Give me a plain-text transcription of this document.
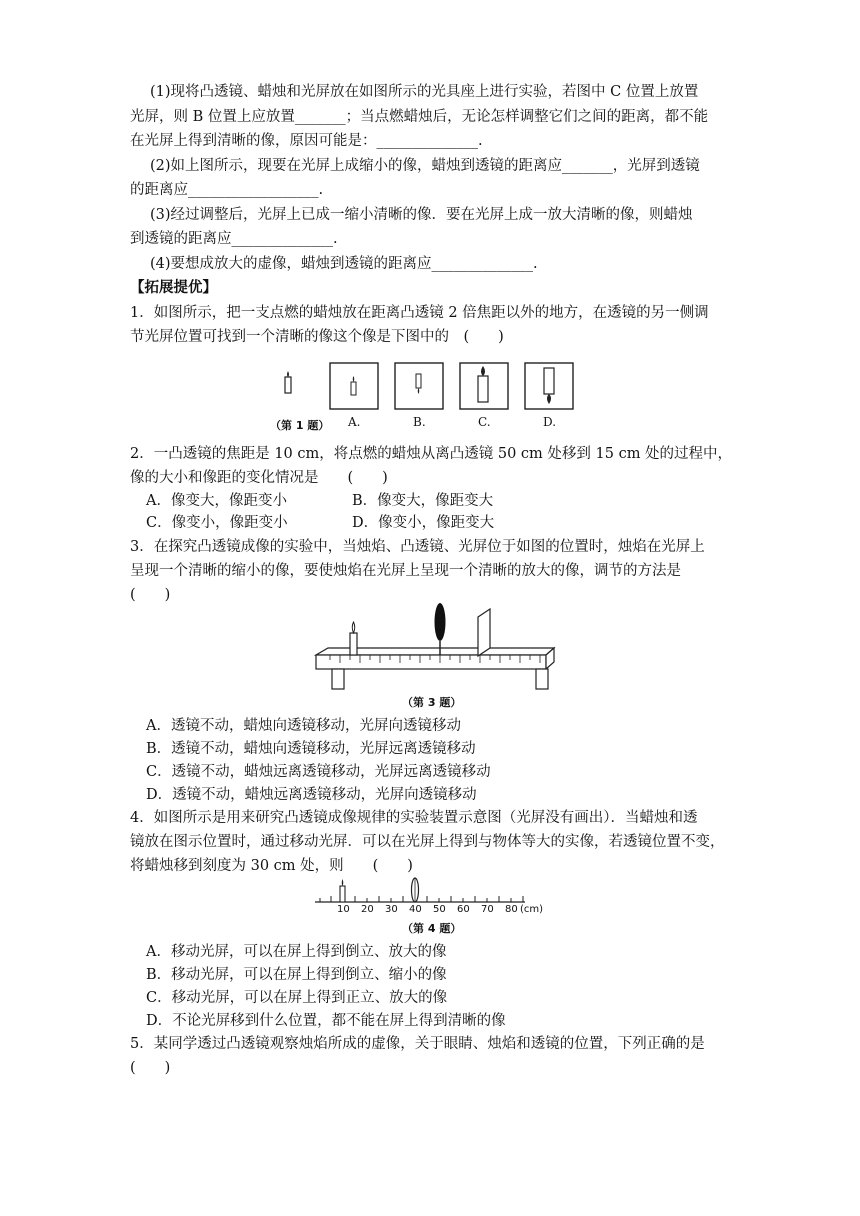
(1)现将凸透镜、蜡烛和光屏放在如图所示的光具座上进行实验，若图中 C 位置上放置
光屏，则 B 位置上应放置_______；当点燃蜡烛后，无论怎样调整它们之间的距离，都不能
在光屏上得到清晰的像，原因可能是：______________.
(2)如上图所示，现要在光屏上成缩小的像，蜡烛到透镜的距离应_______，光屏到透镜
的距离应__________________.
(3)经过调整后，光屏上已成一缩小清晰的像．要在光屏上成一放大清晰的像，则蜡烛
到透镜的距离应______________.
(4)要想成放大的虚像，蜡烛到透镜的距离应______________.
【拓展提优】
1．如图所示，把一支点燃的蜡烛放在距离凸透镜 2 倍焦距以外的地方，在透镜的另一侧调
节光屏位置可找到一个清晰的像这个像是下图中的　(　　)
（第 1 题） A.	B.	C.	D.
2．一凸透镜的焦距是 10 cm，将点燃的蜡烛从离凸透镜 50 cm 处移到 15 cm 处的过程中，
像的大小和像距的变化情况是　　(　　)
A．像变大，像距变小	B．像变大，像距变大
C．像变小，像距变小	D．像变小，像距变大
3．在探究凸透镜成像的实验中，当烛焰、凸透镜、光屏位于如图的位置时，烛焰在光屏上
呈现一个清晰的缩小的像，要使烛焰在光屏上呈现一个清晰的放大的像，调节的方法是
(　　)
（第 3 题）
A．透镜不动，蜡烛向透镜移动，光屏向透镜移动
B．透镜不动，蜡烛向透镜移动，光屏远离透镜移动
C．透镜不动，蜡烛远离透镜移动，光屏远离透镜移动
D．透镜不动，蜡烛远离透镜移动，光屏向透镜移动
4．如图所示是用来研究凸透镜成像规律的实验装置示意图（光屏没有画出）．当蜡烛和透
镜放在图示位置时，通过移动光屏．可以在光屏上得到与物体等大的实像，若透镜位置不变，
将蜡烛移到刻度为 30 cm 处，则　　(　　)
10 20 30 40 50 60 70 80 (cm)
（第 4 题）
A．移动光屏，可以在屏上得到倒立、放大的像
B．移动光屏，可以在屏上得到倒立、缩小的像
C．移动光屏，可以在屏上得到正立、放大的像
D．不论光屏移到什么位置，都不能在屏上得到清晰的像
5．某同学透过凸透镜观察烛焰所成的虚像，关于眼睛、烛焰和透镜的位置，下列正确的是
(　　)
